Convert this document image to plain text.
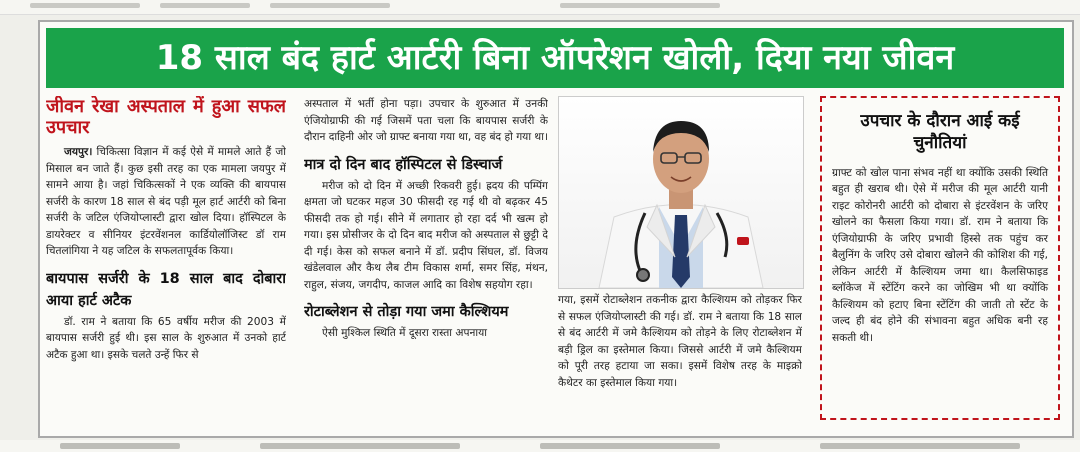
18 साल बंद हार्ट आर्टरी बिना ऑपरेशन खोली, दिया नया जीवन
जीवन रेखा अस्पताल में हुआ सफल उपचार

जयपुर। चिकित्सा विज्ञान में कई ऐसे में मामले आते हैं जो मिसाल बन जाते हैं। कुछ इसी तरह का एक मामला जयपुर में सामने आया है। जहां चिकित्सकों ने एक व्यक्ति की बायपास सर्जरी के कारण 18 साल से बंद पड़ी मूल हार्ट आर्टरी को बिना सर्जरी के जटिल एंजियोप्लास्टी द्वारा खोल दिया। हॉस्पिटल के डायरेक्टर व सीनियर इंटरवेंशनल कार्डियोलॉजिस्ट डॉ राम चितलांगिया ने यह जटिल के सफलतापूर्वक किया।

बायपास सर्जरी के 18 साल बाद दोबारा आया हार्ट अटैक

डॉ. राम ने बताया कि 65 वर्षीय मरीज की 2003 में बायपास सर्जरी हुई थी। इस साल के शुरुआत में उनको हार्ट अटैक हुआ था। इसके चलते उन्हें फिर से

अस्पताल में भर्ती होना पड़ा। उपचार के शुरुआत में उनकी एंजियोग्राफी की गई जिसमें पता चला कि बायपास सर्जरी के दौरान दाहिनी ओर जो ग्राफ्ट बनाया गया था, वह बंद हो गया था।

मात्र दो दिन बाद हॉस्पिटल से डिस्चार्ज

मरीज को दो दिन में अच्छी रिकवरी हुई। ह्रदय की पम्पिंग क्षमता जो घटकर महज 30 फीसदी रह गई थी वो बढ़कर 45 फीसदी तक हो गई। सीने में लगातार हो रहा दर्द भी खत्म हो गया। इस प्रोसीजर के दो दिन बाद मरीज को अस्पताल से छुट्टी दे दी गई। केस को सफल बनाने में डॉ. प्रदीप सिंघल, डॉ. विजय खंडेलवाल और कैथ लैब टीम विकास शर्मा, समर सिंह, मंथन, राहुल, संजय, जगदीप, काजल आदि का विशेष सहयोग रहा।

रोटाब्लेशन से तोड़ा गया जमा कैल्शियम

ऐसी मुश्किल स्थिति में दूसरा रास्ता अपनाया

गया, इसमें रोटाब्लेशन तकनीक द्वारा कैल्शियम को तोड़कर फिर से सफल एंजियोप्लास्टी की गई। डॉ. राम ने बताया कि 18 साल से बंद आर्टरी में जमे कैल्शियम को तोड़ने के लिए रोटाब्लेशन में बड़ी ड्रिल का इस्तेमाल किया। जिससे आर्टरी में जमे कैल्शियम को पूरी तरह हटाया जा सका। इसमें विशेष तरह के माइक्रो कैथेटर का इस्तेमाल किया गया।

उपचार के दौरान आई कई चुनौतियां

ग्राफ्ट को खोल पाना संभव नहीं था क्योंकि उसकी स्थिति बहुत ही खराब थी। ऐसे में मरीज की मूल आर्टरी यानी राइट कोरोनरी आर्टरी को दोबारा से इंटरवेंशन के जरिए खोलने का फैसला किया गया। डॉ. राम ने बताया कि एंजियोग्राफी के जरिए प्रभावी हिस्से तक पहुंच कर बैलुनिंग के जरिए उसे दोबारा खोलने की कोशिश की गई, लेकिन आर्टरी में कैल्शियम जमा था। कैलसिफाइड ब्लॉकेज में स्टेंटिंग करने का जोखिम भी था क्योंकि कैल्शियम को हटाए बिना स्टेंटिंग की जाती तो स्टेंट के जल्द ही बंद होने की संभावना बहुत अधिक बनी रह सकती थी।
